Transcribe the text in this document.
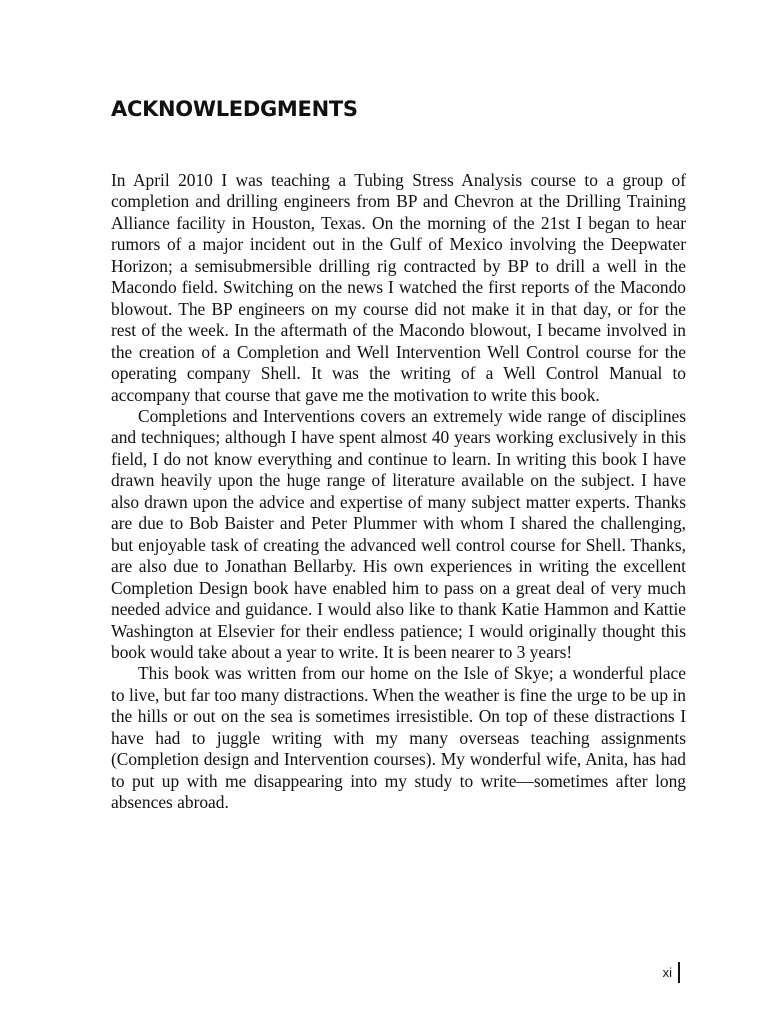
ACKNOWLEDGMENTS

In April 2010 I was teaching a Tubing Stress Analysis course to a group of completion and drilling engineers from BP and Chevron at the Drilling Training Alliance facility in Houston, Texas. On the morning of the 21st I began to hear rumors of a major incident out in the Gulf of Mexico involving the Deepwater Horizon; a semisubmersible drilling rig contracted by BP to drill a well in the Macondo field. Switching on the news I watched the first reports of the Macondo blowout. The BP engineers on my course did not make it in that day, or for the rest of the week. In the aftermath of the Macondo blowout, I became involved in the creation of a Completion and Well Intervention Well Control course for the operating company Shell. It was the writing of a Well Control Manual to accompany that course that gave me the motivation to write this book.

Completions and Interventions covers an extremely wide range of disciplines and techniques; although I have spent almost 40 years working exclusively in this field, I do not know everything and continue to learn. In writing this book I have drawn heavily upon the huge range of literature available on the subject. I have also drawn upon the advice and expertise of many subject matter experts. Thanks are due to Bob Baister and Peter Plummer with whom I shared the challenging, but enjoyable task of creating the advanced well control course for Shell. Thanks, are also due to Jonathan Bellarby. His own experiences in writing the excellent Completion Design book have enabled him to pass on a great deal of very much needed advice and guidance. I would also like to thank Katie Hammon and Kattie Washington at Elsevier for their endless patience; I would originally thought this book would take about a year to write. It is been nearer to 3 years!

This book was written from our home on the Isle of Skye; a wonderful place to live, but far too many distractions. When the weather is fine the urge to be up in the hills or out on the sea is sometimes irresistible. On top of these distractions I have had to juggle writing with my many overseas teaching assignments (Completion design and Intervention courses). My wonderful wife, Anita, has had to put up with me disappearing into my study to write—sometimes after long absences abroad.

xi
